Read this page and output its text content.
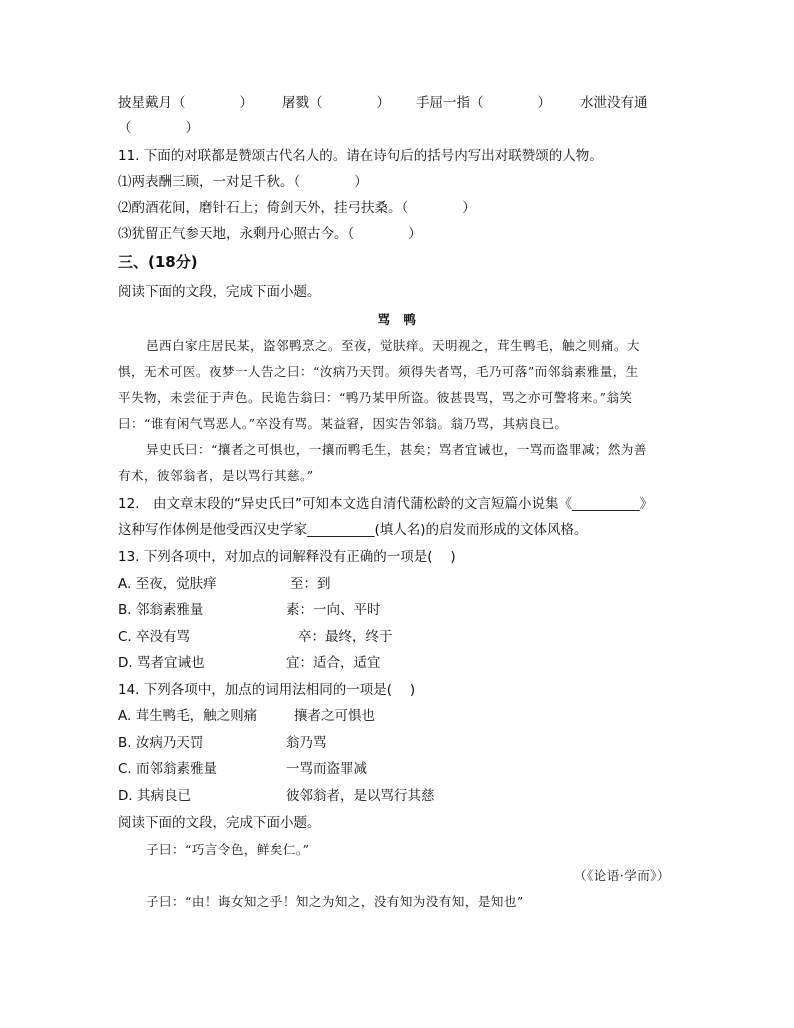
披星戴月（　　　　） 屠戮（　　　　） 手屈一指（　　　　） 水泄没有通
（　　　　）
11. 下面的对联都是赞颂古代名人的。请在诗句后的括号内写出对联赞颂的人物。
⑴两表酬三顾，一对足千秋。（　　　　）
⑵酌酒花间，磨针石上；倚剑天外，挂弓扶桑。（　　　　）
⑶犹留正气参天地，永剩丹心照古今。（　　　　）
三、(18分)
阅读下面的文段，完成下面小题。
骂　鸭
邑西白家庄居民某，盗邻鸭烹之。至夜，觉肤痒。天明视之，茸生鸭毛，触之则痛。大
惧，无术可医。夜梦一人告之曰：“汝病乃天罚。须得失者骂，毛乃可落”而邻翁素雅量，生
平失物，未尝征于声色。民诡告翁曰：“鸭乃某甲所盗。彼甚畏骂，骂之亦可警将来。”翁笑
曰：“谁有闲气骂恶人。”卒没有骂。某益窘，因实告邻翁。翁乃骂，其病良已。
异史氏曰：“攘者之可惧也，一攘而鸭毛生，甚矣；骂者宜诫也，一骂而盗罪减；然为善
有术，彼邻翁者，是以骂行其慈。”
12.　由文章末段的“异史氏曰”可知本文选自清代蒲松龄的文言短篇小说集《__________》
这种写作体例是他受西汉史学家__________(填人名)的启发而形成的文体风格。
13. 下列各项中，对加点的词解释没有正确的一项是(　 )
A. 至夜，觉肤痒	至：到
B. 邻翁素雅量	素：一向、平时
C. 卒没有骂	卒：最终，终于
D. 骂者宜诫也	宜：适合，适宜
14. 下列各项中，加点的词用法相同的一项是(　 )
A. 茸生鸭毛，触之则痛	攘者之可惧也
B. 汝病乃天罚	翁乃骂
C. 而邻翁素雅量	一骂而盗罪减
D. 其病良已	彼邻翁者，是以骂行其慈
阅读下面的文段，完成下面小题。
子曰：“巧言令色，鲜矣仁。”
（《论语·学而》）
子曰：“由！诲女知之乎！知之为知之，没有知为没有知，是知也”
